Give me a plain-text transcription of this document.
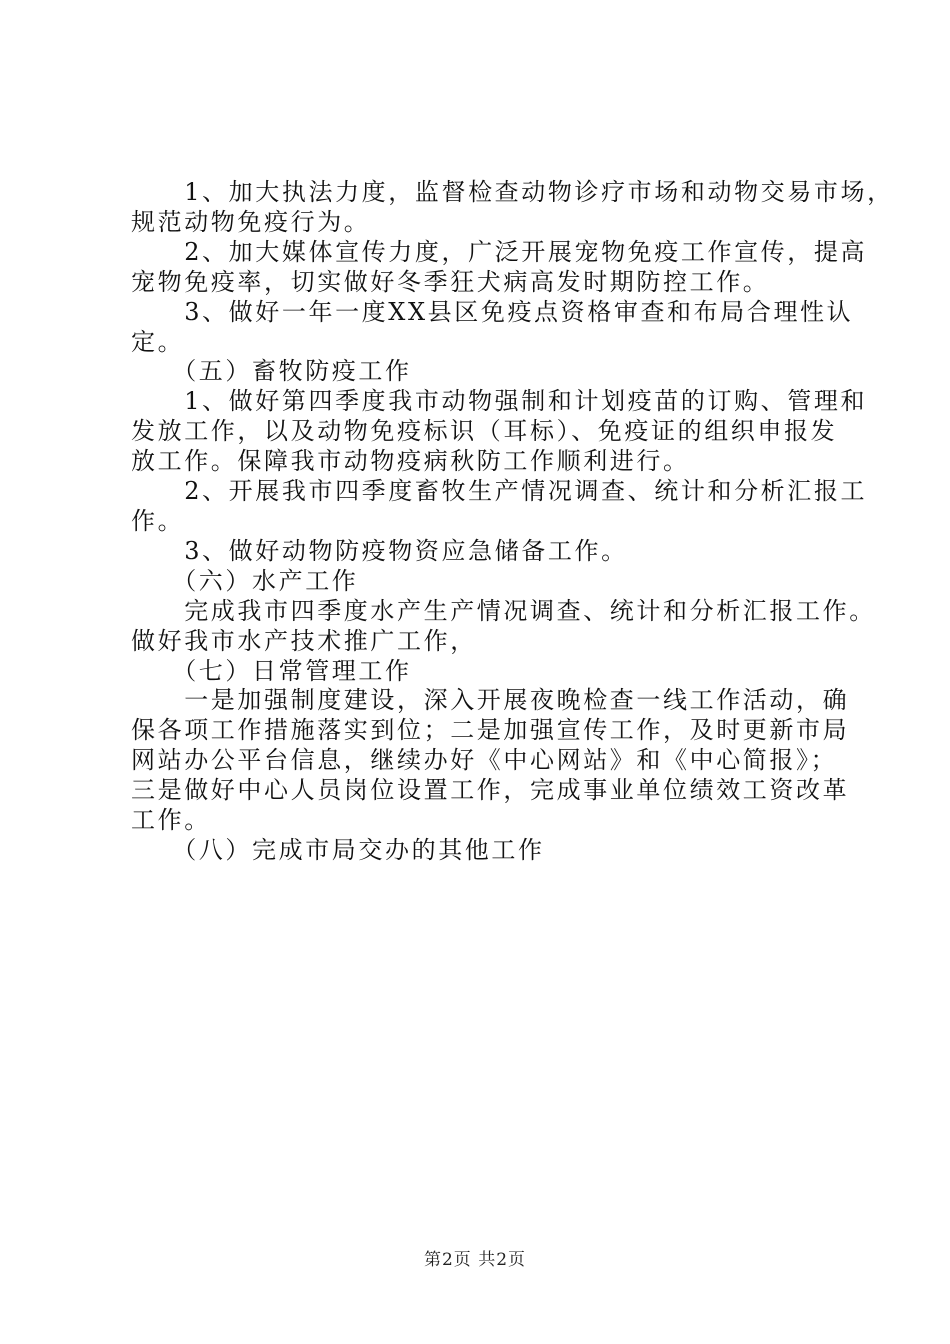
　　1、加大执法力度，监督检查动物诊疗市场和动物交易市场，
规范动物免疫行为。
　　2、加大媒体宣传力度，广泛开展宠物免疫工作宣传，提高
宠物免疫率，切实做好冬季狂犬病高发时期防控工作。
　　3、做好一年一度XX县区免疫点资格审查和布局合理性认
定。
　　（五）畜牧防疫工作
　　1、做好第四季度我市动物强制和计划疫苗的订购、管理和
发放工作，以及动物免疫标识（耳标）、免疫证的组织申报发
放工作。保障我市动物疫病秋防工作顺利进行。
　　2、开展我市四季度畜牧生产情况调查、统计和分析汇报工
作。
　　3、做好动物防疫物资应急储备工作。
　　（六）水产工作
　　完成我市四季度水产生产情况调查、统计和分析汇报工作。
做好我市水产技术推广工作，
　　（七）日常管理工作
　　一是加强制度建设，深入开展夜晚检查一线工作活动，确
保各项工作措施落实到位；二是加强宣传工作，及时更新市局
网站办公平台信息，继续办好《中心网站》和《中心简报》；
三是做好中心人员岗位设置工作，完成事业单位绩效工资改革
工作。
　　（八）完成市局交办的其他工作
第2页 共2页
